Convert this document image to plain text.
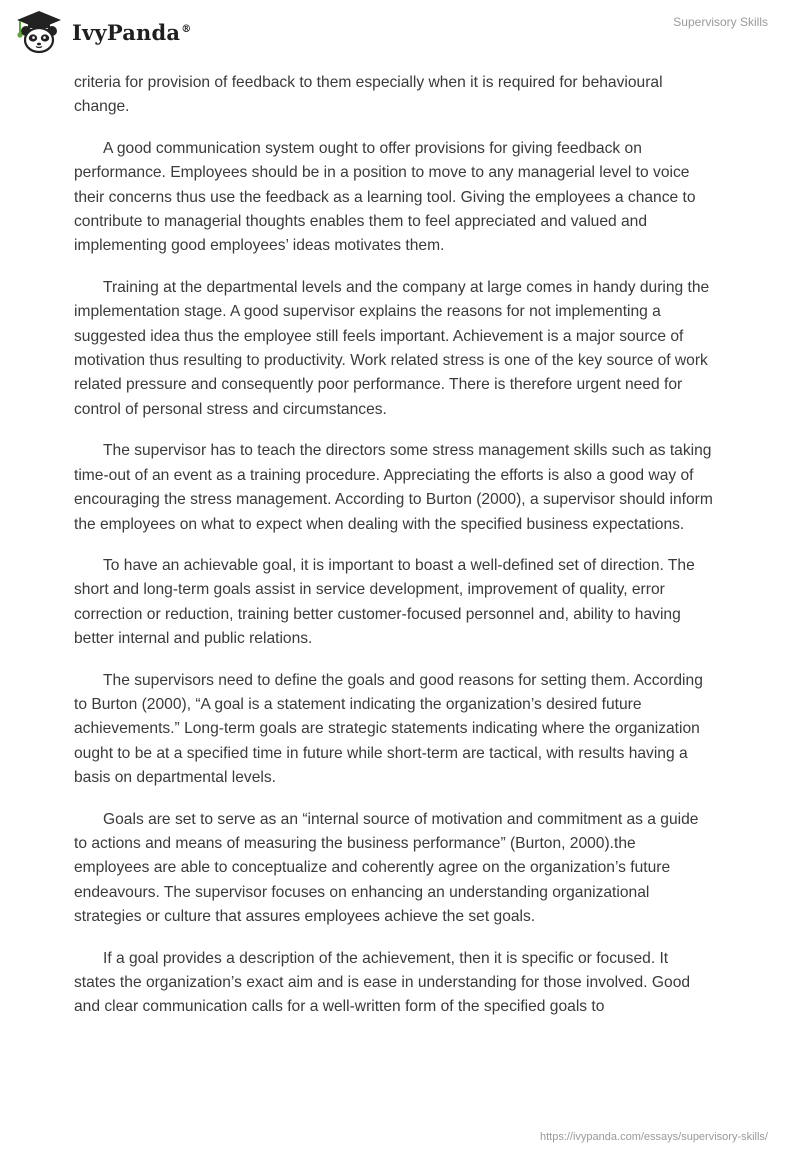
IvyPanda®	Supervisory Skills

criteria for provision of feedback to them especially when it is required for behavioural change.

A good communication system ought to offer provisions for giving feedback on performance. Employees should be in a position to move to any managerial level to voice their concerns thus use the feedback as a learning tool. Giving the employees a chance to contribute to managerial thoughts enables them to feel appreciated and valued and implementing good employees’ ideas motivates them.

Training at the departmental levels and the company at large comes in handy during the implementation stage. A good supervisor explains the reasons for not implementing a suggested idea thus the employee still feels important. Achievement is a major source of motivation thus resulting to productivity. Work related stress is one of the key source of work related pressure and consequently poor performance. There is therefore urgent need for control of personal stress and circumstances.

The supervisor has to teach the directors some stress management skills such as taking time-out of an event as a training procedure. Appreciating the efforts is also a good way of encouraging the stress management. According to Burton (2000), a supervisor should inform the employees on what to expect when dealing with the specified business expectations.

To have an achievable goal, it is important to boast a well-defined set of direction. The short and long-term goals assist in service development, improvement of quality, error correction or reduction, training better customer-focused personnel and, ability to having better internal and public relations.

The supervisors need to define the goals and good reasons for setting them. According to Burton (2000), “A goal is a statement indicating the organization’s desired future achievements.” Long-term goals are strategic statements indicating where the organization ought to be at a specified time in future while short-term are tactical, with results having a basis on departmental levels.

Goals are set to serve as an “internal source of motivation and commitment as a guide to actions and means of measuring the business performance” (Burton, 2000).the employees are able to conceptualize and coherently agree on the organization’s future endeavours. The supervisor focuses on enhancing an understanding organizational strategies or culture that assures employees achieve the set goals.

If a goal provides a description of the achievement, then it is specific or focused. It states the organization’s exact aim and is ease in understanding for those involved. Good and clear communication calls for a well-written form of the specified goals to

https://ivypanda.com/essays/supervisory-skills/
